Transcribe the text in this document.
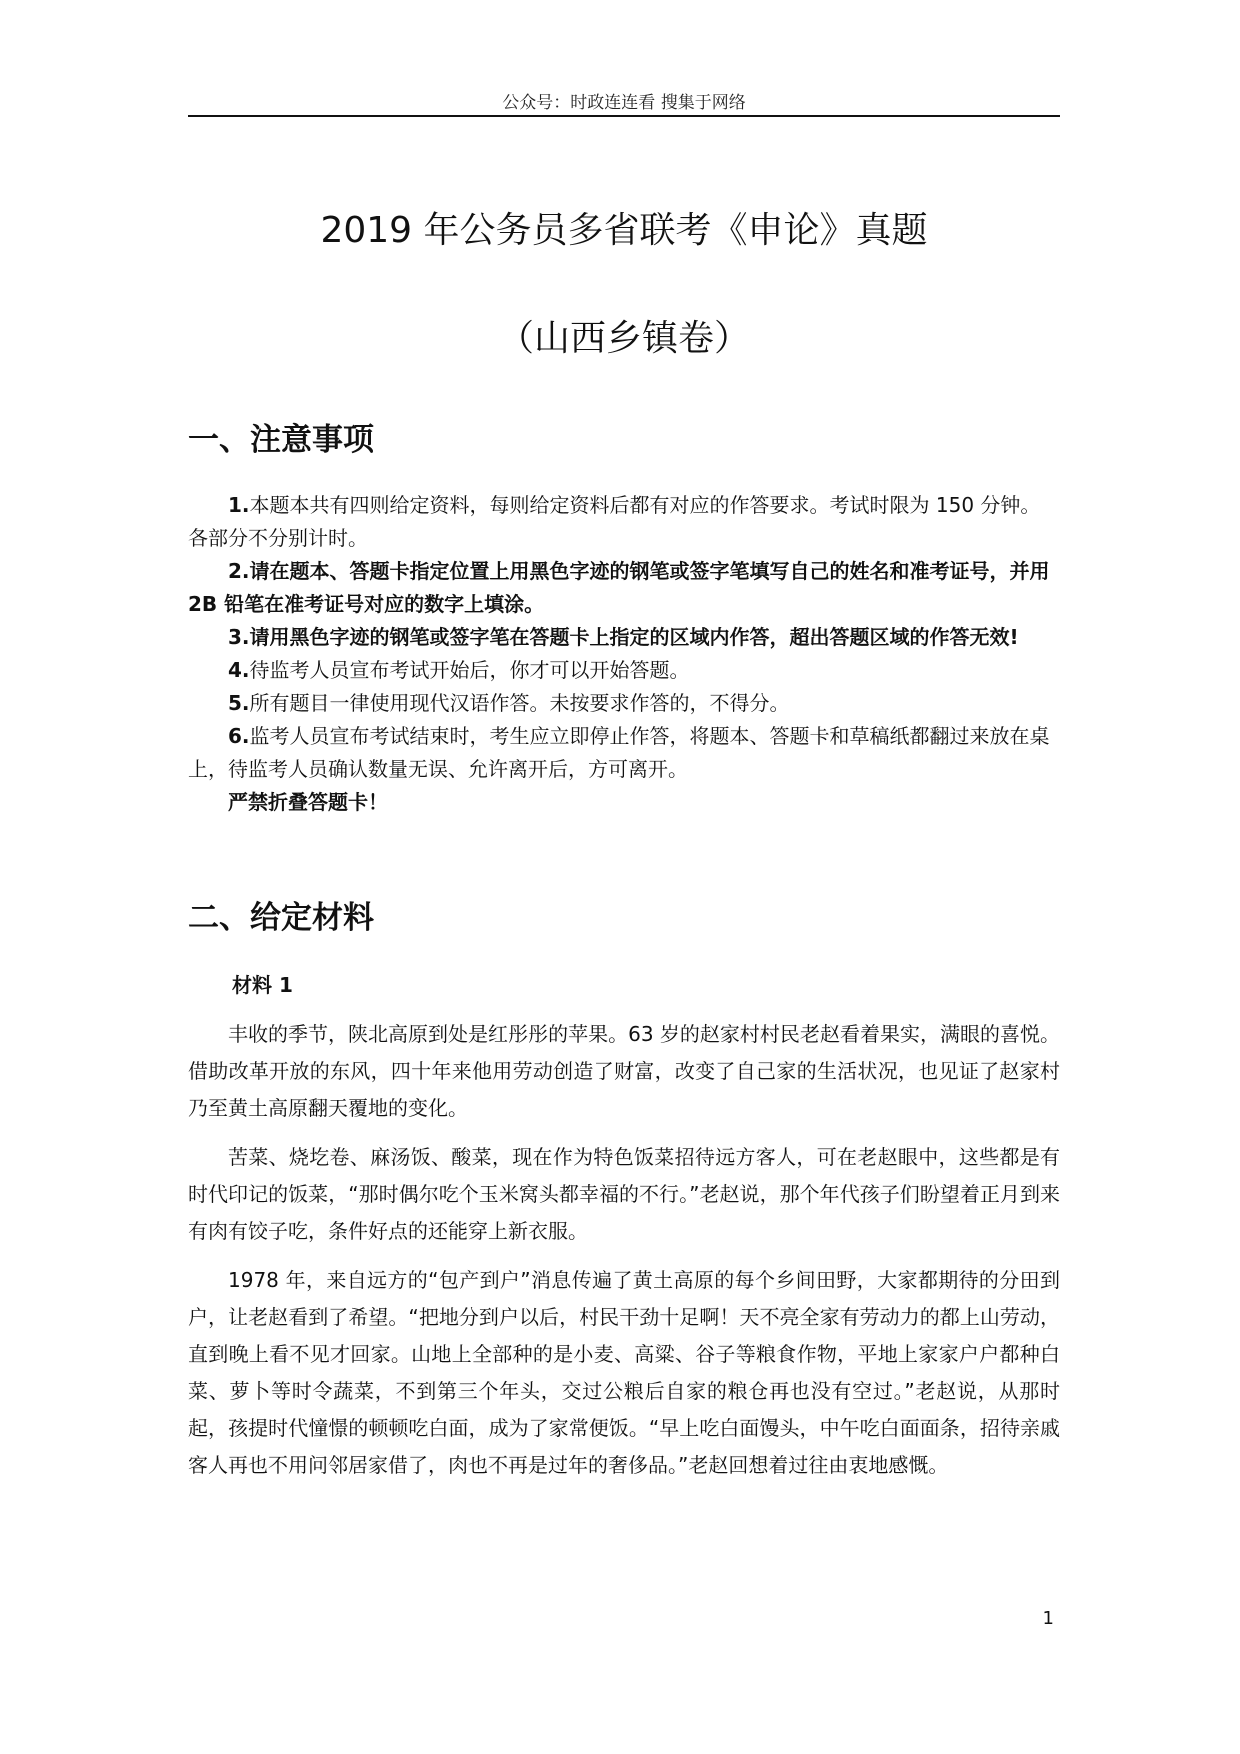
公众号：时政连连看 搜集于网络
2019 年公务员多省联考《申论》真题
（山西乡镇卷）
一、注意事项

1.本题本共有四则给定资料，每则给定资料后都有对应的作答要求。考试时限为 150 分钟。各部分不分别计时。

2.请在题本、答题卡指定位置上用黑色字迹的钢笔或签字笔填写自己的姓名和准考证号，并用 2B 铅笔在准考证号对应的数字上填涂。

3.请用黑色字迹的钢笔或签字笔在答题卡上指定的区域内作答，超出答题区域的作答无效!

4.待监考人员宣布考试开始后，你才可以开始答题。

5.所有题目一律使用现代汉语作答。未按要求作答的，不得分。

6.监考人员宣布考试结束时，考生应立即停止作答，将题本、答题卡和草稿纸都翻过来放在桌上，待监考人员确认数量无误、允许离开后，方可离开。

严禁折叠答题卡！

二、给定材料
材料 1

丰收的季节，陕北高原到处是红彤彤的苹果。63 岁的赵家村村民老赵看着果实，满眼的喜悦。借助改革开放的东风，四十年来他用劳动创造了财富，改变了自己家的生活状况，也见证了赵家村乃至黄土高原翻天覆地的变化。

苦菜、烧圪卷、麻汤饭、酸菜，现在作为特色饭菜招待远方客人，可在老赵眼中，这些都是有时代印记的饭菜，“那时偶尔吃个玉米窝头都幸福的不行。”老赵说，那个年代孩子们盼望着正月到来有肉有饺子吃，条件好点的还能穿上新衣服。

1978 年，来自远方的“包产到户”消息传遍了黄土高原的每个乡间田野，大家都期待的分田到户，让老赵看到了希望。“把地分到户以后，村民干劲十足啊！天不亮全家有劳动力的都上山劳动，直到晚上看不见才回家。山地上全部种的是小麦、高粱、谷子等粮食作物，平地上家家户户都种白菜、萝卜等时令蔬菜，不到第三个年头，交过公粮后自家的粮仓再也没有空过。”老赵说，从那时起，孩提时代憧憬的顿顿吃白面，成为了家常便饭。“早上吃白面馒头，中午吃白面面条，招待亲戚客人再也不用问邻居家借了，肉也不再是过年的奢侈品。”老赵回想着过往由衷地感慨。

1
